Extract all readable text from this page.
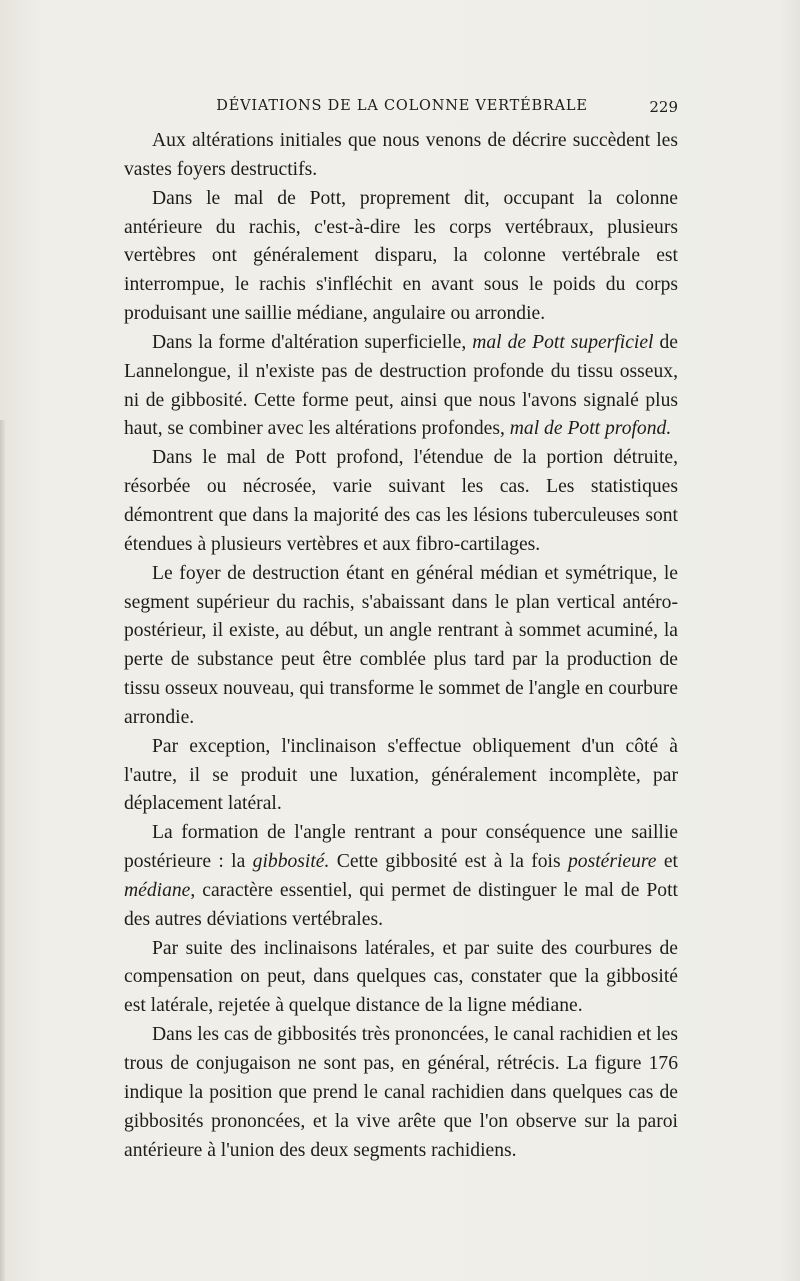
DÉVIATIONS DE LA COLONNE VERTÉBRALE	229

Aux altérations initiales que nous venons de décrire succèdent les vastes foyers destructifs.

Dans le mal de Pott, proprement dit, occupant la colonne antérieure du rachis, c'est-à-dire les corps vertébraux, plusieurs vertèbres ont généralement disparu, la colonne vertébrale est interrompue, le rachis s'infléchit en avant sous le poids du corps produisant une saillie médiane, angulaire ou arrondie.

Dans la forme d'altération superficielle, mal de Pott superficiel de Lannelongue, il n'existe pas de destruction profonde du tissu osseux, ni de gibbosité. Cette forme peut, ainsi que nous l'avons signalé plus haut, se combiner avec les altérations profondes, mal de Pott profond.

Dans le mal de Pott profond, l'étendue de la portion détruite, résorbée ou nécrosée, varie suivant les cas. Les statistiques démontrent que dans la majorité des cas les lésions tuberculeuses sont étendues à plusieurs vertèbres et aux fibro-cartilages.

Le foyer de destruction étant en général médian et symétrique, le segment supérieur du rachis, s'abaissant dans le plan vertical antéro-postérieur, il existe, au début, un angle rentrant à sommet acuminé, la perte de substance peut être comblée plus tard par la production de tissu osseux nouveau, qui transforme le sommet de l'angle en courbure arrondie.

Par exception, l'inclinaison s'effectue obliquement d'un côté à l'autre, il se produit une luxation, généralement incomplète, par déplacement latéral.

La formation de l'angle rentrant a pour conséquence une saillie postérieure : la gibbosité. Cette gibbosité est à la fois postérieure et médiane, caractère essentiel, qui permet de distinguer le mal de Pott des autres déviations vertébrales.

Par suite des inclinaisons latérales, et par suite des courbures de compensation on peut, dans quelques cas, constater que la gibbosité est latérale, rejetée à quelque distance de la ligne médiane.

Dans les cas de gibbosités très prononcées, le canal rachidien et les trous de conjugaison ne sont pas, en général, rétrécis. La figure 176 indique la position que prend le canal rachidien dans quelques cas de gibbosités prononcées, et la vive arête que l'on observe sur la paroi antérieure à l'union des deux segments rachidiens.
